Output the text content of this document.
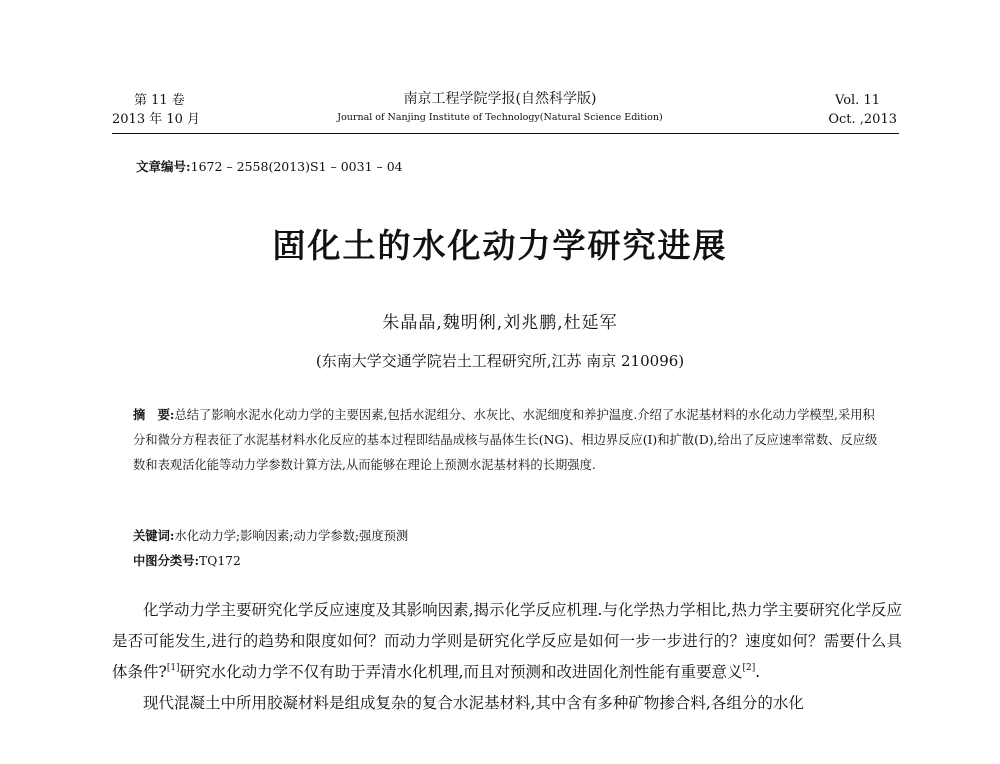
第 11 卷
2013 年 10 月
南京工程学院学报(自然科学版)
Journal of Nanjing Institute of Technology(Natural Science Edition)
Vol. 11
Oct. ,2013
文章编号:1672 – 2558(2013)S1 – 0031 – 04
固化土的水化动力学研究进展
朱晶晶,魏明俐,刘兆鹏,杜延军
(东南大学交通学院岩土工程研究所,江苏 南京 210096)
摘　要:总结了影响水泥水化动力学的主要因素,包括水泥组分、水灰比、水泥细度和养护温度.介绍了水泥基材料的水化动力学模型,采用积分和微分方程表征了水泥基材料水化反应的基本过程即结晶成核与晶体生长(NG)、相边界反应(I)和扩散(D),给出了反应速率常数、反应级数和表观活化能等动力学参数计算方法,从而能够在理论上预测水泥基材料的长期强度.
关键词:水化动力学;影响因素;动力学参数;强度预测
中图分类号:TQ172

化学动力学主要研究化学反应速度及其影响因素,揭示化学反应机理.与化学热力学相比,热力学主要研究化学反应是否可能发生,进行的趋势和限度如何？而动力学则是研究化学反应是如何一步一步进行的？速度如何？需要什么具体条件?[1]研究水化动力学不仅有助于弄清水化机理,而且对预测和改进固化剂性能有重要意义[2].

现代混凝土中所用胶凝材料是组成复杂的复合水泥基材料,其中含有多种矿物掺合料,各组分的水化
